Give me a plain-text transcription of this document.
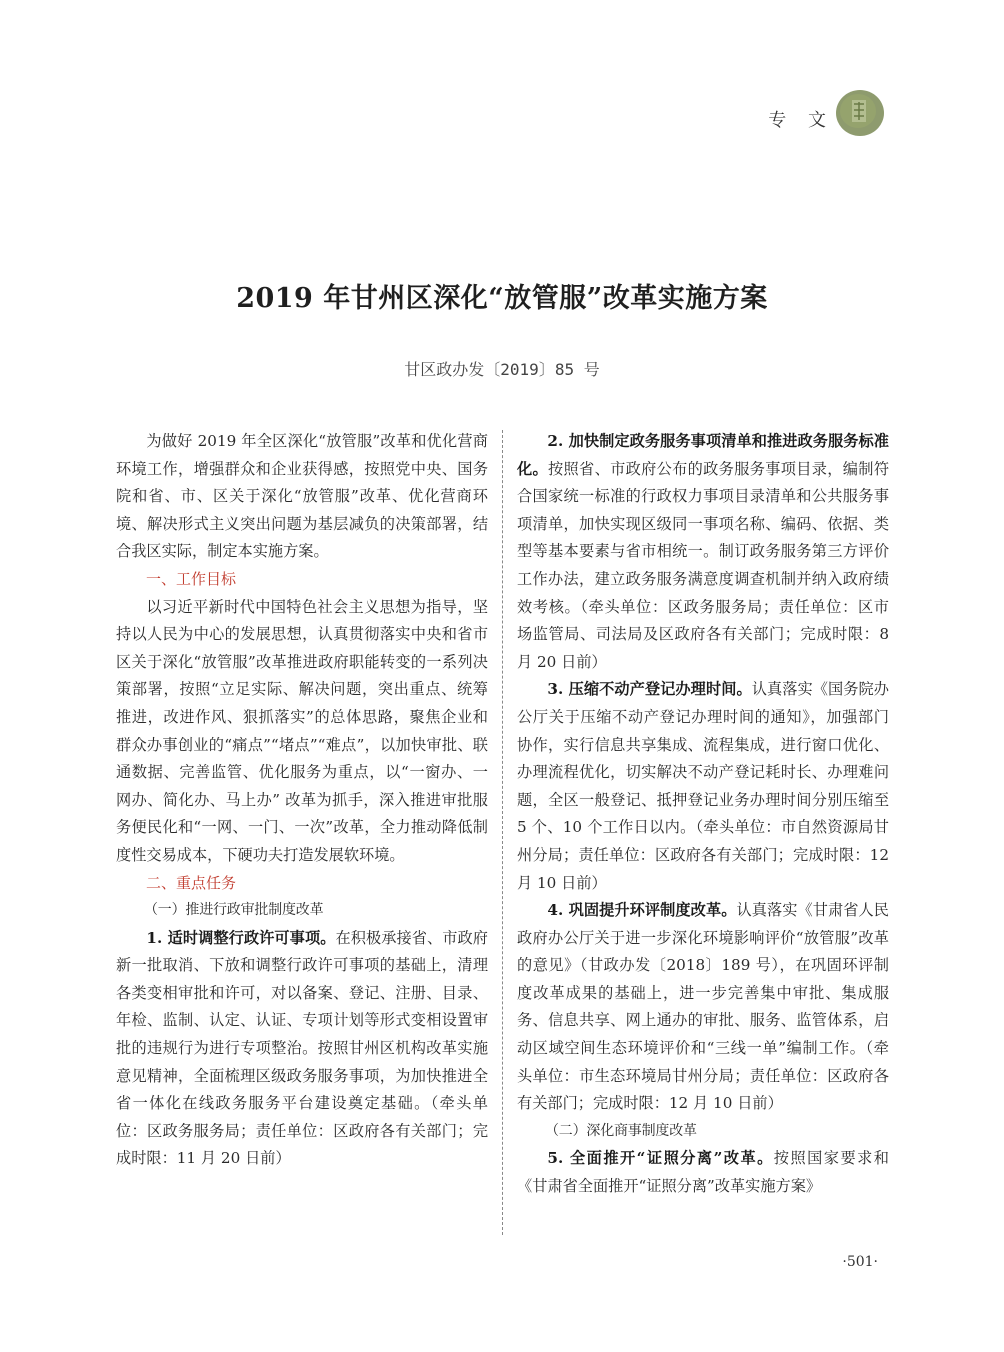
专 文
2019 年甘州区深化“放管服”改革实施方案
甘区政办发〔2019〕85 号

为做好 2019 年全区深化“放管服”改革和优化营商环境工作，增强群众和企业获得感，按照党中央、国务院和省、市、区关于深化“放管服”改革、优化营商环境、解决形式主义突出问题为基层减负的决策部署，结合我区实际，制定本实施方案。

一、工作目标

以习近平新时代中国特色社会主义思想为指导，坚持以人民为中心的发展思想，认真贯彻落实中央和省市区关于深化“放管服”改革推进政府职能转变的一系列决策部署，按照“立足实际、解决问题，突出重点、统筹推进，改进作风、狠抓落实”的总体思路，聚焦企业和群众办事创业的“痛点”“堵点”“难点”，以加快审批、联通数据、完善监管、优化服务为重点，以“一窗办、一网办、简化办、马上办” 改革为抓手，深入推进审批服务便民化和“一网、一门、一次”改革，全力推动降低制度性交易成本，下硬功夫打造发展软环境。

二、重点任务

（一）推进行政审批制度改革

1. 适时调整行政许可事项。在积极承接省、市政府新一批取消、下放和调整行政许可事项的基础上，清理各类变相审批和许可，对以备案、登记、注册、目录、年检、监制、认定、认证、专项计划等形式变相设置审批的违规行为进行专项整治。按照甘州区机构改革实施意见精神，全面梳理区级政务服务事项，为加快推进全省一体化在线政务服务平台建设奠定基础。（牵头单位：区政务服务局；责任单位：区政府各有关部门；完成时限：11 月 20 日前）

2. 加快制定政务服务事项清单和推进政务服务标准化。按照省、市政府公布的政务服务事项目录，编制符合国家统一标准的行政权力事项目录清单和公共服务事项清单，加快实现区级同一事项名称、编码、依据、类型等基本要素与省市相统一。制订政务服务第三方评价工作办法，建立政务服务满意度调查机制并纳入政府绩效考核。（牵头单位：区政务服务局；责任单位：区市场监管局、司法局及区政府各有关部门；完成时限：8 月 20 日前）

3. 压缩不动产登记办理时间。认真落实《国务院办公厅关于压缩不动产登记办理时间的通知》，加强部门协作，实行信息共享集成、流程集成，进行窗口优化、办理流程优化，切实解决不动产登记耗时长、办理难问题，全区一般登记、抵押登记业务办理时间分别压缩至 5 个、10 个工作日以内。（牵头单位：市自然资源局甘州分局；责任单位：区政府各有关部门；完成时限：12 月 10 日前）

4. 巩固提升环评制度改革。认真落实《甘肃省人民政府办公厅关于进一步深化环境影响评价“放管服”改革的意见》（甘政办发〔2018〕189 号），在巩固环评制度改革成果的基础上，进一步完善集中审批、集成服务、信息共享、网上通办的审批、服务、监管体系，启动区域空间生态环境评价和“三线一单”编制工作。（牵头单位：市生态环境局甘州分局；责任单位：区政府各有关部门；完成时限：12 月 10 日前）

（二）深化商事制度改革

5. 全面推开“证照分离”改革。按照国家要求和《甘肃省全面推开“证照分离”改革实施方案》

·501·
